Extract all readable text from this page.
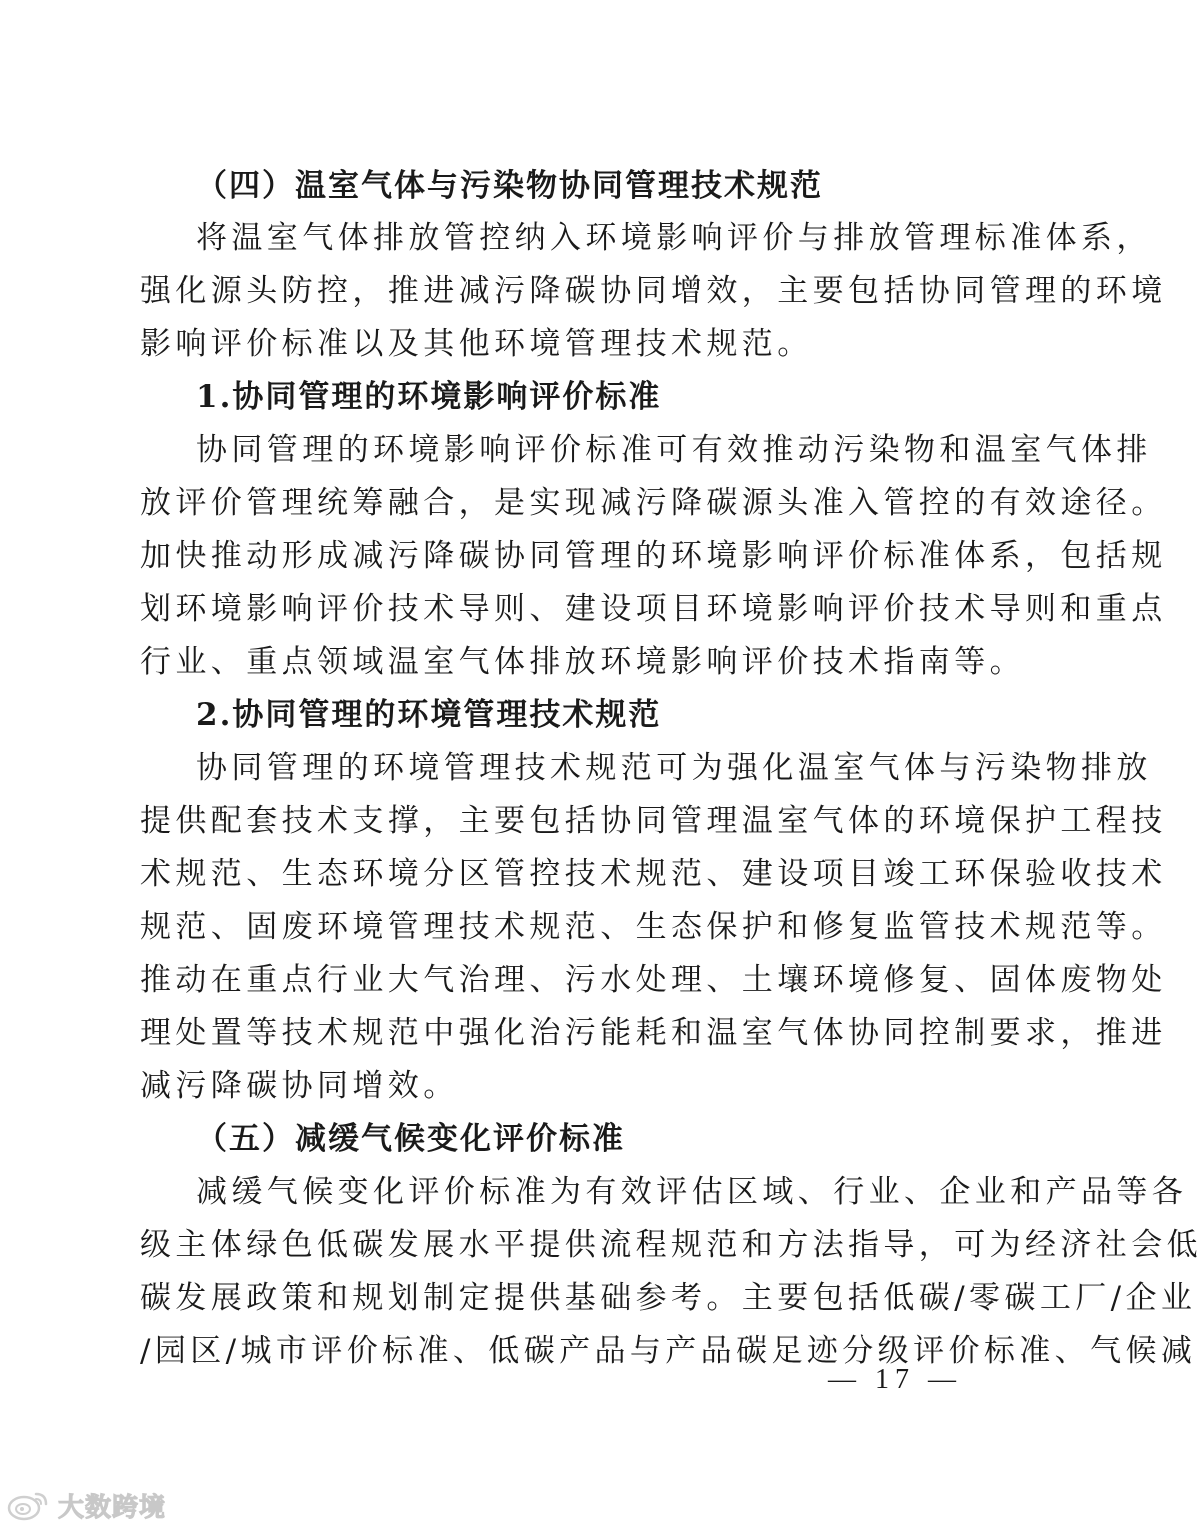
（四）温室气体与污染物协同管理技术规范
将温室气体排放管控纳入环境影响评价与排放管理标准体系，
强化源头防控，推进减污降碳协同增效，主要包括协同管理的环境
影响评价标准以及其他环境管理技术规范。
1.协同管理的环境影响评价标准
协同管理的环境影响评价标准可有效推动污染物和温室气体排
放评价管理统筹融合，是实现减污降碳源头准入管控的有效途径。
加快推动形成减污降碳协同管理的环境影响评价标准体系，包括规
划环境影响评价技术导则、建设项目环境影响评价技术导则和重点
行业、重点领域温室气体排放环境影响评价技术指南等。
2.协同管理的环境管理技术规范
协同管理的环境管理技术规范可为强化温室气体与污染物排放
提供配套技术支撑，主要包括协同管理温室气体的环境保护工程技
术规范、生态环境分区管控技术规范、建设项目竣工环保验收技术
规范、固废环境管理技术规范、生态保护和修复监管技术规范等。
推动在重点行业大气治理、污水处理、土壤环境修复、固体废物处
理处置等技术规范中强化治污能耗和温室气体协同控制要求，推进
减污降碳协同增效。
（五）减缓气候变化评价标准
减缓气候变化评价标准为有效评估区域、行业、企业和产品等各
级主体绿色低碳发展水平提供流程规范和方法指导，可为经济社会低
碳发展政策和规划制定提供基础参考。主要包括低碳/零碳工厂/企业
/园区/城市评价标准、低碳产品与产品碳足迹分级评价标准、气候减
— 17 —
大数跨境
